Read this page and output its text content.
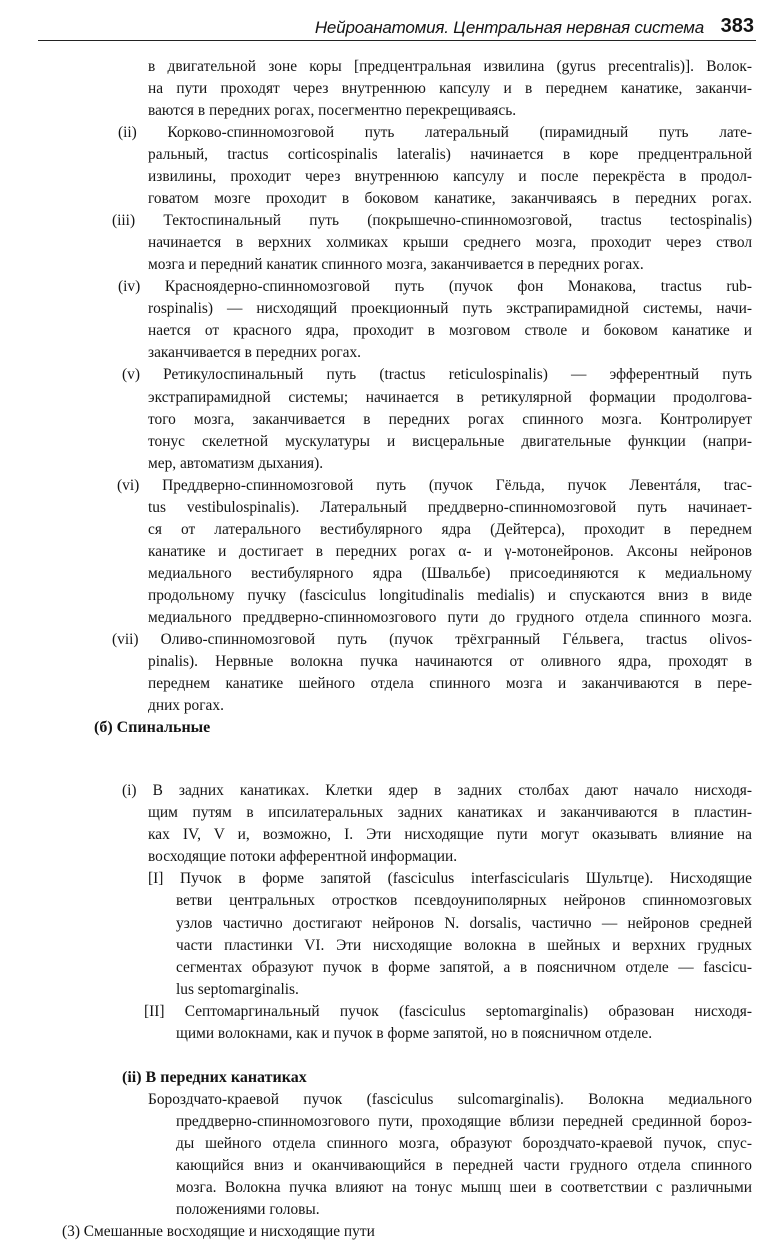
Нейроанатомия. Центральная нервная система 383
в двигательной зоне коры [предцентральная извилина (gyrus precentralis)]. Волок-
на пути проходят через внутреннюю капсулу и в переднем канатике, заканчи-
ваются в передних рогах, посегментно перекрещиваясь.
(ii) Корково-спинномозговой путь латеральный (пирамидный путь лате-
ральный, tractus corticospinalis lateralis) начинается в коре предцентральной
извилины, проходит через внутреннюю капсулу и после перекрёста в продол-
говатом мозге проходит в боковом канатике, заканчиваясь в передних рогах.
(iii) Тектоспинальный путь (покрышечно-спинномозговой, tractus tectospinalis)
начинается в верхних холмиках крыши среднего мозга, проходит через ствол
мозга и передний канатик спинного мозга, заканчивается в передних рогах.
(iv) Красноядерно-спинномозговой путь (пучок фон Монакова, tractus rub-
rospinalis) — нисходящий проекционный путь экстрапирамидной системы, начи-
нается от красного ядра, проходит в мозговом стволе и боковом канатике и
заканчивается в передних рогах.
(v) Ретикулоспинальный путь (tractus reticulospinalis) — эфферентный путь
экстрапирамидной системы; начинается в ретикулярной формации продолгова-
того мозга, заканчивается в передних рогах спинного мозга. Контролирует
тонус скелетной мускулатуры и висцеральные двигательные функции (напри-
мер, автоматизм дыхания).
(vi) Преддверно-спинномозговой путь (пучок Гёльда, пучок Левентáля, trac-
tus vestibulospinalis). Латеральный преддверно-спинномозговой путь начинает-
ся от латерального вестибулярного ядра (Дейтерса), проходит в переднем
канатике и достигает в передних рогах α- и γ-мотонейронов. Аксоны нейронов
медиального вестибулярного ядра (Швальбе) присоединяются к медиальному
продольному пучку (fasciculus longitudinalis medialis) и спускаются вниз в виде
медиального преддверно-спинномозгового пути до грудного отдела спинного мозга.
(vii) Оливо-спинномозговой путь (пучок трёхгранный Гéльвега, tractus olivos-
pinalis). Нервные волокна пучка начинаются от оливного ядра, проходят в
переднем канатике шейного отдела спинного мозга и заканчиваются в пере-
дних рогах.
(i) В задних канатиках. Клетки ядер в задних столбах дают начало нисходя-
щим путям в ипсилатеральных задних канатиках и заканчиваются в пластин-
ках IV, V и, возможно, I. Эти нисходящие пути могут оказывать влияние на
восходящие потоки афферентной информации.
[I] Пучок в форме запятой (fasciculus interfascicularis Шультце). Нисходящие
ветви центральных отростков псевдоуниполярных нейронов спинномозговых
узлов частично достигают нейронов N. dorsalis, частично — нейронов средней
части пластинки VI. Эти нисходящие волокна в шейных и верхних грудных
сегментах образуют пучок в форме запятой, а в поясничном отделе — fascicu-
lus septomarginalis.
[II] Септомаргинальный пучок (fasciculus septomarginalis) образован нисходя-
щими волокнами, как и пучок в форме запятой, но в поясничном отделе.
Бороздчато-краевой пучок (fasciculus sulcomarginalis). Волокна медиального
преддверно-спинномозгового пути, проходящие вблизи передней срединной бороз-
ды шейного отдела спинного мозга, образуют бороздчато-краевой пучок, спус-
кающийся вниз и оканчивающийся в передней части грудного отдела спинного
мозга. Волокна пучка влияют на тонус мышц шеи в соответствии с различными
(б) Спинальные
(ii) В передних канатиках
положениями головы.
(3) Смешанные восходящие и нисходящие пути
